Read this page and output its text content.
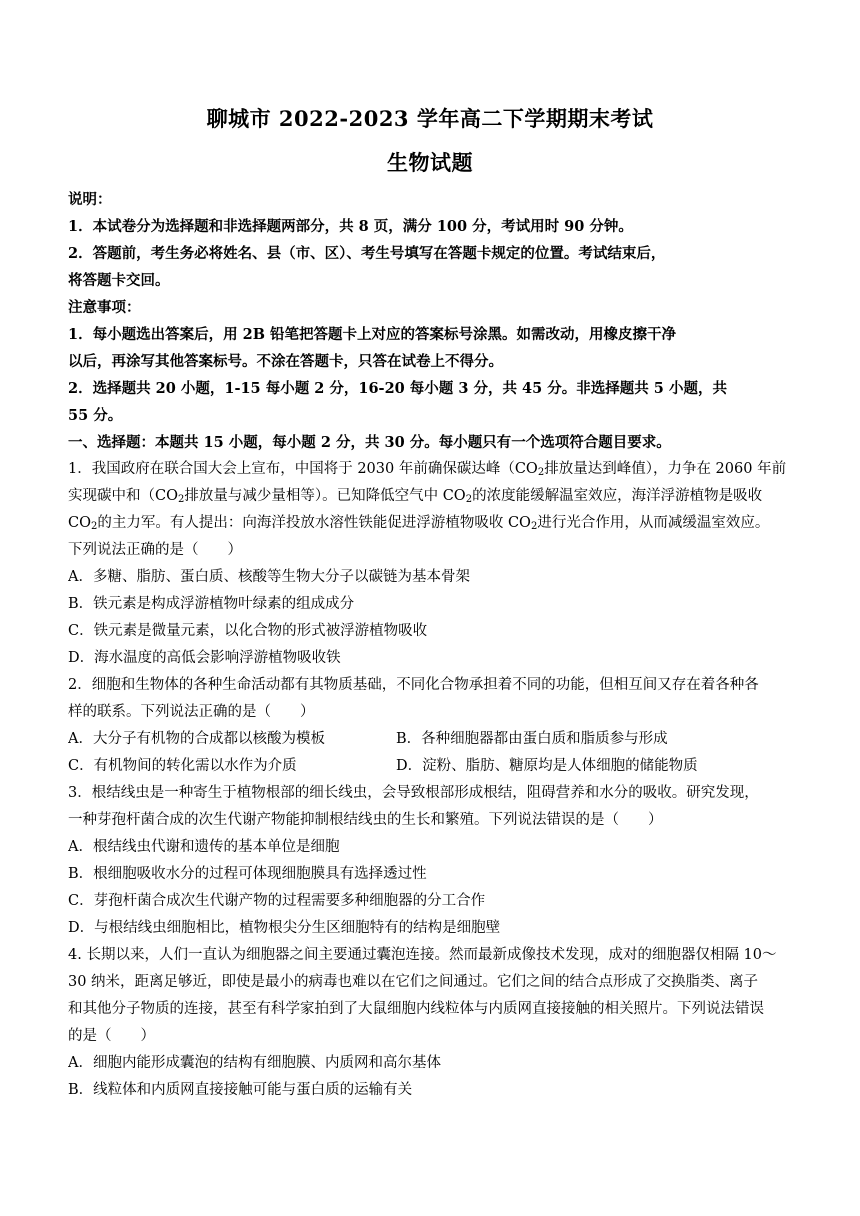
聊城市 2022-2023 学年高二下学期期末考试
生物试题
说明：
1．本试卷分为选择题和非选择题两部分，共 8 页，满分 100 分，考试用时 90 分钟。
2．答题前，考生务必将姓名、县（市、区）、考生号填写在答题卡规定的位置。考试结束后，
将答题卡交回。
注意事项：
1．每小题选出答案后，用 2B 铅笔把答题卡上对应的答案标号涂黑。如需改动，用橡皮擦干净
以后，再涂写其他答案标号。不涂在答题卡，只答在试卷上不得分。
2．选择题共 20 小题，1-15 每小题 2 分，16-20 每小题 3 分，共 45 分。非选择题共 5 小题，共
55 分。
一、选择题：本题共 15 小题，每小题 2 分，共 30 分。每小题只有一个选项符合题目要求。
1．我国政府在联合国大会上宣布，中国将于 2030 年前确保碳达峰（$CO_2$排放量达到峰值），力争在 2060 年前
实现碳中和（$CO_2$排放量与减少量相等）。已知降低空气中 $CO_2$的浓度能缓解温室效应，海洋浮游植物是吸收
$CO_2$的主力军。有人提出：向海洋投放水溶性铁能促进浮游植物吸收 $CO_2$进行光合作用，从而减缓温室效应。
下列说法正确的是（　　）
A．多糖、脂肪、蛋白质、核酸等生物大分子以碳链为基本骨架
B．铁元素是构成浮游植物叶绿素的组成成分
C．铁元素是微量元素，以化合物的形式被浮游植物吸收
D．海水温度的高低会影响浮游植物吸收铁
2．细胞和生物体的各种生命活动都有其物质基础，不同化合物承担着不同的功能，但相互间又存在着各种各
样的联系。下列说法正确的是（　　）
A．大分子有机物的合成都以核酸为模板	B．各种细胞器都由蛋白质和脂质参与形成
C．有机物间的转化需以水作为介质	D．淀粉、脂肪、糖原均是人体细胞的储能物质
3．根结线虫是一种寄生于植物根部的细长线虫，会导致根部形成根结，阻碍营养和水分的吸收。研究发现，
一种芽孢杆菌合成的次生代谢产物能抑制根结线虫的生长和繁殖。下列说法错误的是（　　）
A．根结线虫代谢和遗传的基本单位是细胞
B．根细胞吸收水分的过程可体现细胞膜具有选择透过性
C．芽孢杆菌合成次生代谢产物的过程需要多种细胞器的分工合作
D．与根结线虫细胞相比，植物根尖分生区细胞特有的结构是细胞壁
4. 长期以来，人们一直认为细胞器之间主要通过囊泡连接。然而最新成像技术发现，成对的细胞器仅相隔 10～
30 纳米，距离足够近，即使是最小的病毒也难以在它们之间通过。它们之间的结合点形成了交换脂类、离子
和其他分子物质的连接，甚至有科学家拍到了大鼠细胞内线粒体与内质网直接接触的相关照片。下列说法错误
的是（　　）
A．细胞内能形成囊泡的结构有细胞膜、内质网和高尔基体
B．线粒体和内质网直接接触可能与蛋白质的运输有关
